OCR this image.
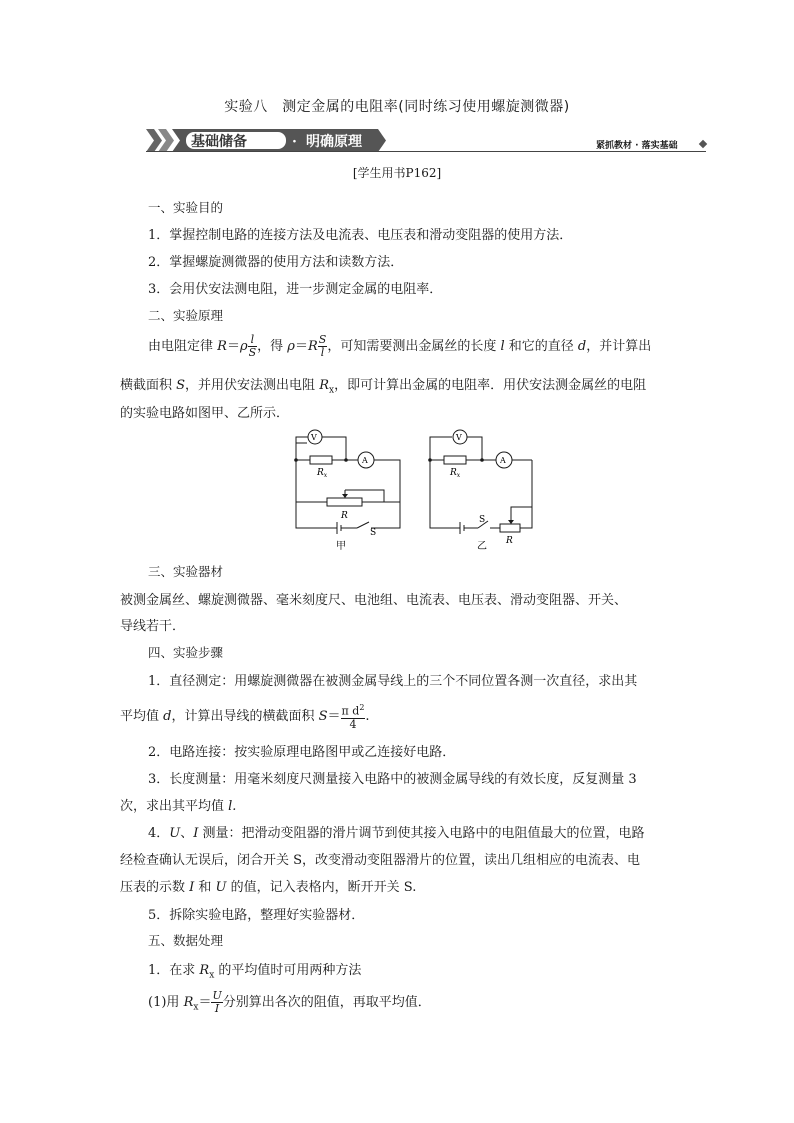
实验八　测定金属的电阻率(同时练习使用螺旋测微器)
基础储备	· 明确原理	紧抓教材 · 落实基础
[学生用书P162]
一、实验目的
1．掌握控制电路的连接方法及电流表、电压表和滑动变阻器的使用方法．
2．掌握螺旋测微器的使用方法和读数方法．
3．会用伏安法测电阻，进一步测定金属的电阻率．
二、实验原理
由电阻定律 $R=\rho \frac{l}{S}$ ，得 $\rho=R \frac{S}{l}$ ，可知需要测出金属丝的长度 l 和它的直径 d，并计算出
横截面积 S，并用伏安法测出电阻 $R_x$，即可计算出金属的电阻率．用伏安法测金属丝的电阻
的实验电路如图甲、乙所示．
V
A
$R_x$
R
S
甲
V
A
$R_x$
R
S
乙
三、实验器材
被测金属丝、螺旋测微器、毫米刻度尺、电池组、电流表、电压表、滑动变阻器、开关、
导线若干．
四、实验步骤
1．直径测定：用螺旋测微器在被测金属导线上的三个不同位置各测一次直径，求出其
平均值 d，计算出导线的横截面积 $S= \frac{\pi d^2}{4}$ .
2．电路连接：按实验原理电路图甲或乙连接好电路．
3．长度测量：用毫米刻度尺测量接入电路中的被测金属导线的有效长度，反复测量 3
次，求出其平均值 l.
4．U、I 测量：把滑动变阻器的滑片调节到使其接入电路中的电阻值最大的位置，电路
经检查确认无误后，闭合开关 S，改变滑动变阻器滑片的位置，读出几组相应的电流表、电
压表的示数 I 和 U 的值，记入表格内，断开开关 S.
5．拆除实验电路，整理好实验器材．
五、数据处理
1．在求 $R_x$ 的平均值时可用两种方法
(1)用 $R_x= \frac{U}{I}$ 分别算出各次的阻值，再取平均值．
